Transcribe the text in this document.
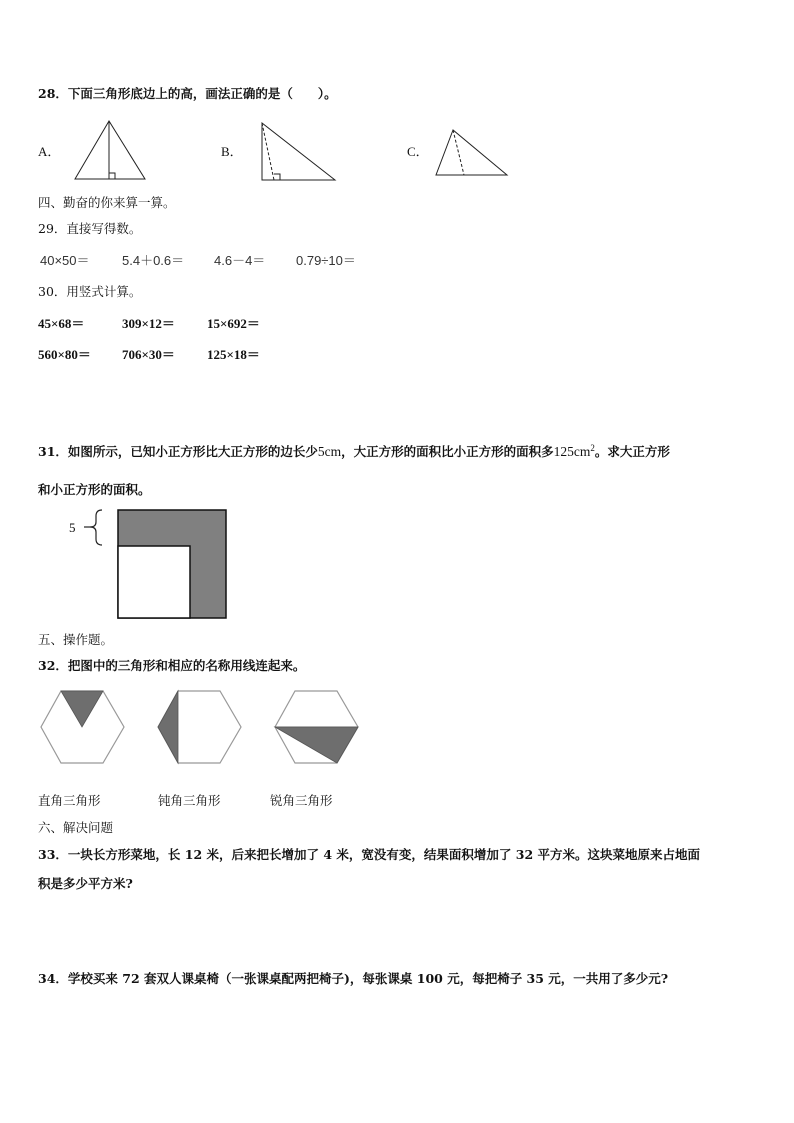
28．下面三角形底边上的高，画法正确的是（　　）。
A．	B．	C．
四、勤奋的你来算一算。
29．直接写得数。
40×50＝ 5.4＋0.6＝ 4.6－4＝ 0.79÷10＝
30．用竖式计算。
45×68＝	309×12＝ 15×692＝
560×80＝ 706×30＝ 125×18＝
31．如图所示，已知小正方形比大正方形的边长少5cm，大正方形的面积比小正方形的面积多$125cm^2$。求大正方形
和小正方形的面积。
5
五、操作题。
32．把图中的三角形和相应的名称用线连起来。
直角三角形	钝角三角形	锐角三角形
六、解决问题
33．一块长方形菜地，长 12 米，后来把长增加了 4 米，宽没有变，结果面积增加了 32 平方米。这块菜地原来占地面
积是多少平方米?
34．学校买来 72 套双人课桌椅（一张课桌配两把椅子)，每张课桌 100 元，每把椅子 35 元，一共用了多少元?
